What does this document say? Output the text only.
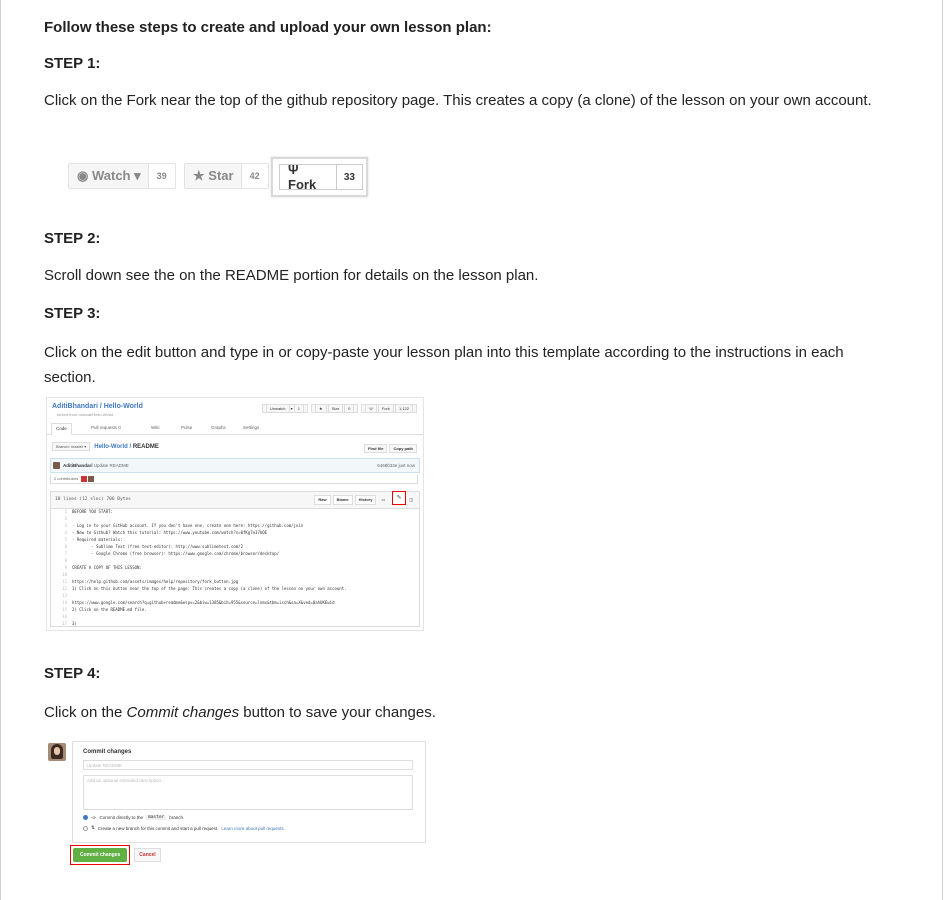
Follow these steps to create and upload your own lesson plan:
STEP 1:
Click on the Fork near the top of the github repository page. This creates a copy (a clone) of the lesson on your own account.
◉ Watch ▾	39	★ Star	42	Ψ Fork	33
STEP 2:
Scroll down see the on the README portion for details on the lesson plan.
STEP 3:
Click on the edit button and type in or copy-paste your lesson plan into this template according to the instructions in each section.
AditiBhandari / Hello-World
forked from octocat/Hello-World
Unwatch ▾ 1	★ Star 0	Ψ Fork 1,122
Code	Pull requests 0	Wiki	Pulse	Graphs	Settings
Branch: master ▾ Hello-World / README	Find file	Copy path
AditiBhandari Update README	6468b33e just now
2 contributors
18 lines (12 sloc) 706 Bytes	Raw	Blame	History	▭	◫
✎
1	BEFORE YOU START:
2
3	- Log in to your GitHub account. If you don't have one, create one here: https://github.com/join
4	- New to Github? Watch this tutorial: https://www.youtube.com/watch?v=0fKg7e37bQE
5	- Required materials:
6	- Sublime Text (free text-editor): http://www.sublimetext.com/2
7	- Google Chrome (free browser): https://www.google.com/chrome/browser/desktop/
8
9	CREATE A COPY OF THIS LESSON:
10
11	https://help.github.com/assets/images/help/repository/fork_button.jpg
12	1) Click on this button near the top of the page: This creates a copy (a clone) of the lesson on your own account.
13
14	https://www.google.com/search?q=github+readme&espv=2&biw=1385&bih=955&source=lnms&tbm=isch&sa=X&ved=0ahUKEwid
15	2) Click on the README.md file.
16
17	3)
STEP 4:
Click on the Commit changes button to save your changes.
Commit changes
Update README
Add an optional extended description...
-o- Commit directly to the	master	branch.
⇅ Create a new branch for this commit and start a pull request. Learn more about pull requests.
Commit changes	Cancel
